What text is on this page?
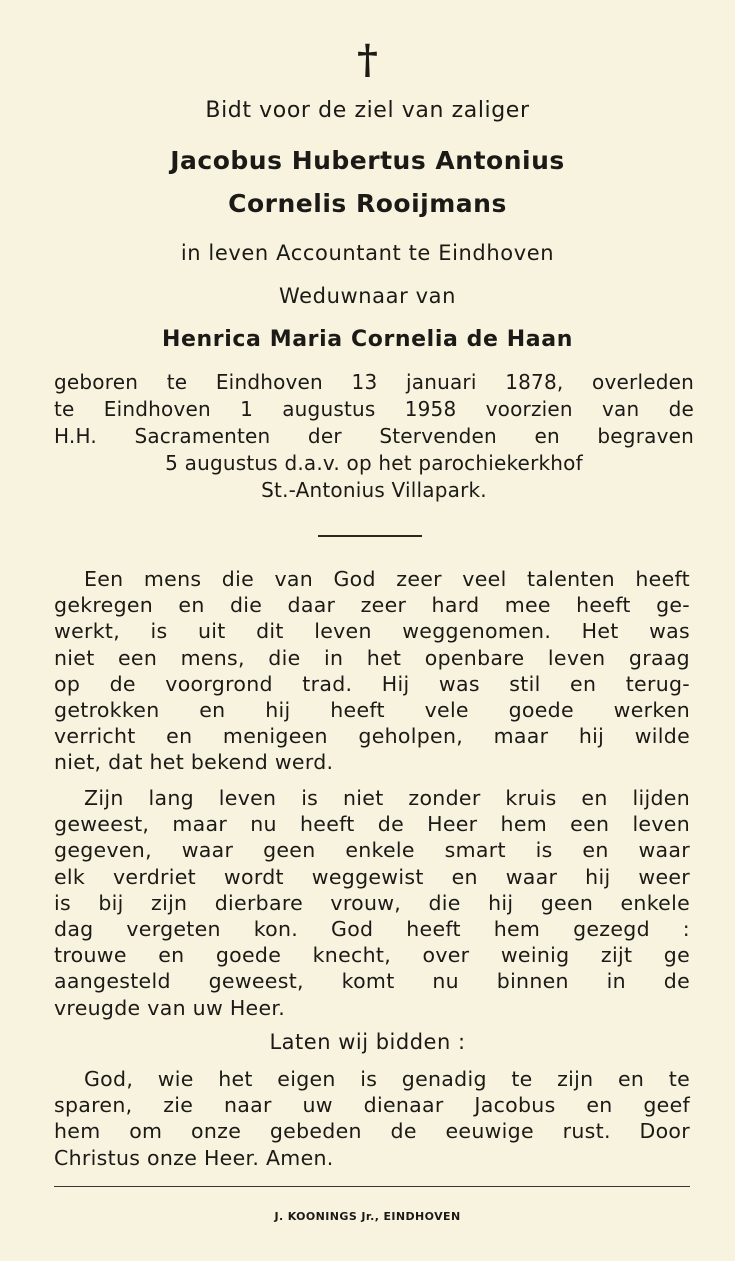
†

Bidt voor de ziel van zaliger

Jacobus Hubertus Antonius

Cornelis Rooijmans

in leven Accountant te Eindhoven

Weduwnaar van

Henrica Maria Cornelia de Haan

geboren te Eindhoven 13 januari 1878, overleden
te Eindhoven 1 augustus 1958 voorzien van de
H.H. Sacramenten der Stervenden en begraven
5 augustus d.a.v. op het parochiekerkhof
St.-Antonius Villapark.
Een mens die van God zeer veel talenten heeft
gekregen en die daar zeer hard mee heeft ge-
werkt, is uit dit leven weggenomen. Het was
niet een mens, die in het openbare leven graag
op de voorgrond trad. Hij was stil en terug-
getrokken en hij heeft vele goede werken
verricht en menigeen geholpen, maar hij wilde
niet, dat het bekend werd.
Zijn lang leven is niet zonder kruis en lijden
geweest, maar nu heeft de Heer hem een leven
gegeven, waar geen enkele smart is en waar
elk verdriet wordt weggewist en waar hij weer
is bij zijn dierbare vrouw, die hij geen enkele
dag vergeten kon. God heeft hem gezegd :
trouwe en goede knecht, over weinig zijt ge
aangesteld geweest, komt nu binnen in de
vreugde van uw Heer.

Laten wij bidden :

God, wie het eigen is genadig te zijn en te
sparen, zie naar uw dienaar Jacobus en geef
hem om onze gebeden de eeuwige rust. Door
Christus onze Heer. Amen.

J. KOONINGS Jr., EINDHOVEN
